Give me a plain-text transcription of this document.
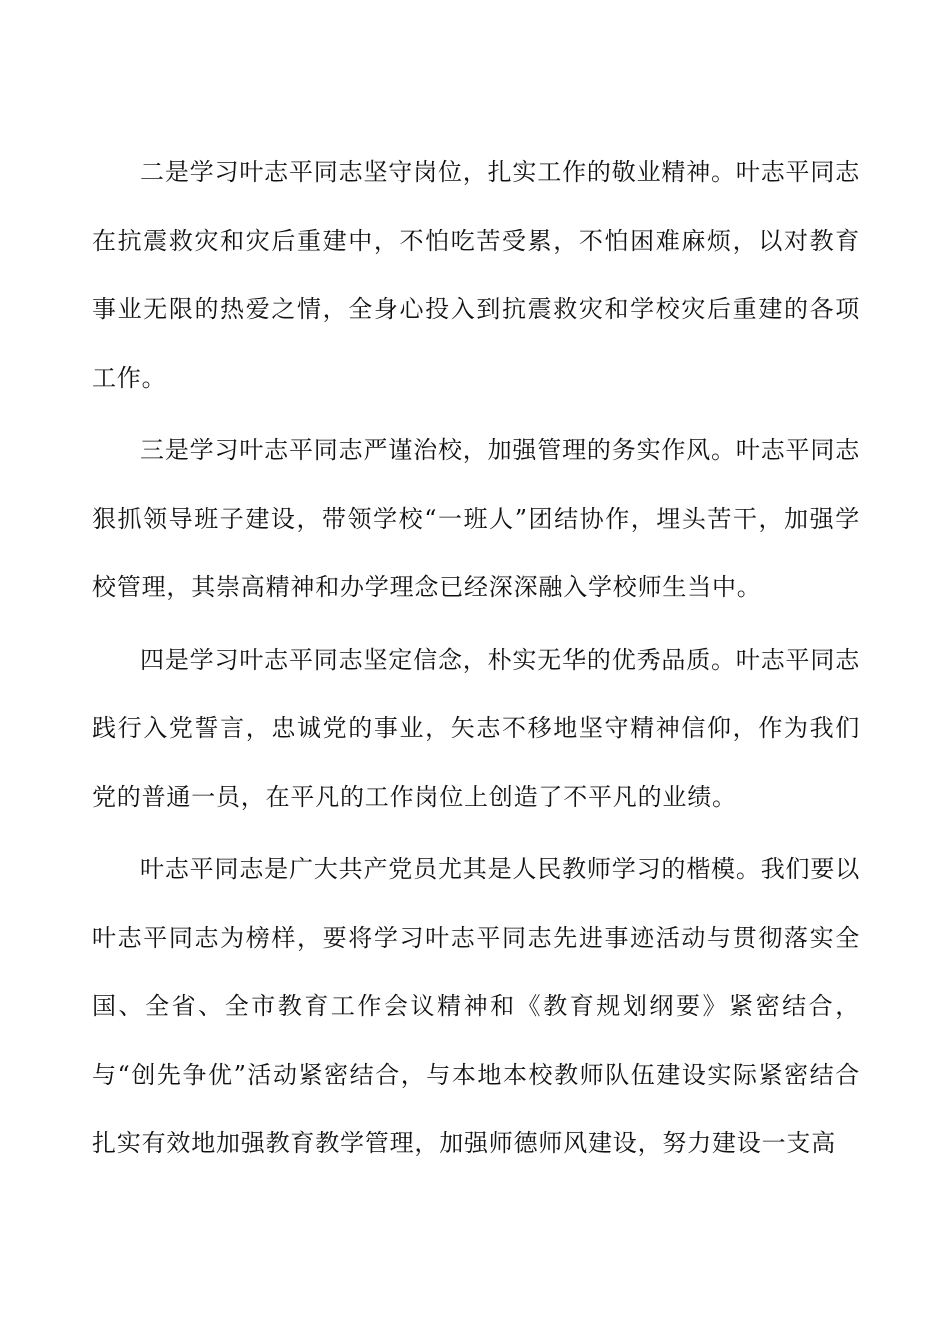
二是学习叶志平同志坚守岗位，扎实工作的敬业精神。叶志平同志在抗震救灾和灾后重建中，不怕吃苦受累，不怕困难麻烦，以对教育事业无限的热爱之情，全身心投入到抗震救灾和学校灾后重建的各项工作。

三是学习叶志平同志严谨治校，加强管理的务实作风。叶志平同志狠抓领导班子建设，带领学校“一班人”团结协作，埋头苦干，加强学校管理，其崇高精神和办学理念已经深深融入学校师生当中。

四是学习叶志平同志坚定信念，朴实无华的优秀品质。叶志平同志践行入党誓言，忠诚党的事业，矢志不移地坚守精神信仰，作为我们党的普通一员，在平凡的工作岗位上创造了不平凡的业绩。

叶志平同志是广大共产党员尤其是人民教师学习的楷模。我们要以叶志平同志为榜样，要将学习叶志平同志先进事迹活动与贯彻落实全国、全省、全市教育工作会议精神和《教育规划纲要》紧密结合，与“创先争优”活动紧密结合，与本地本校教师队伍建设实际紧密结合扎实有效地加强教育教学管理，加强师德师风建设，努力建设一支高
